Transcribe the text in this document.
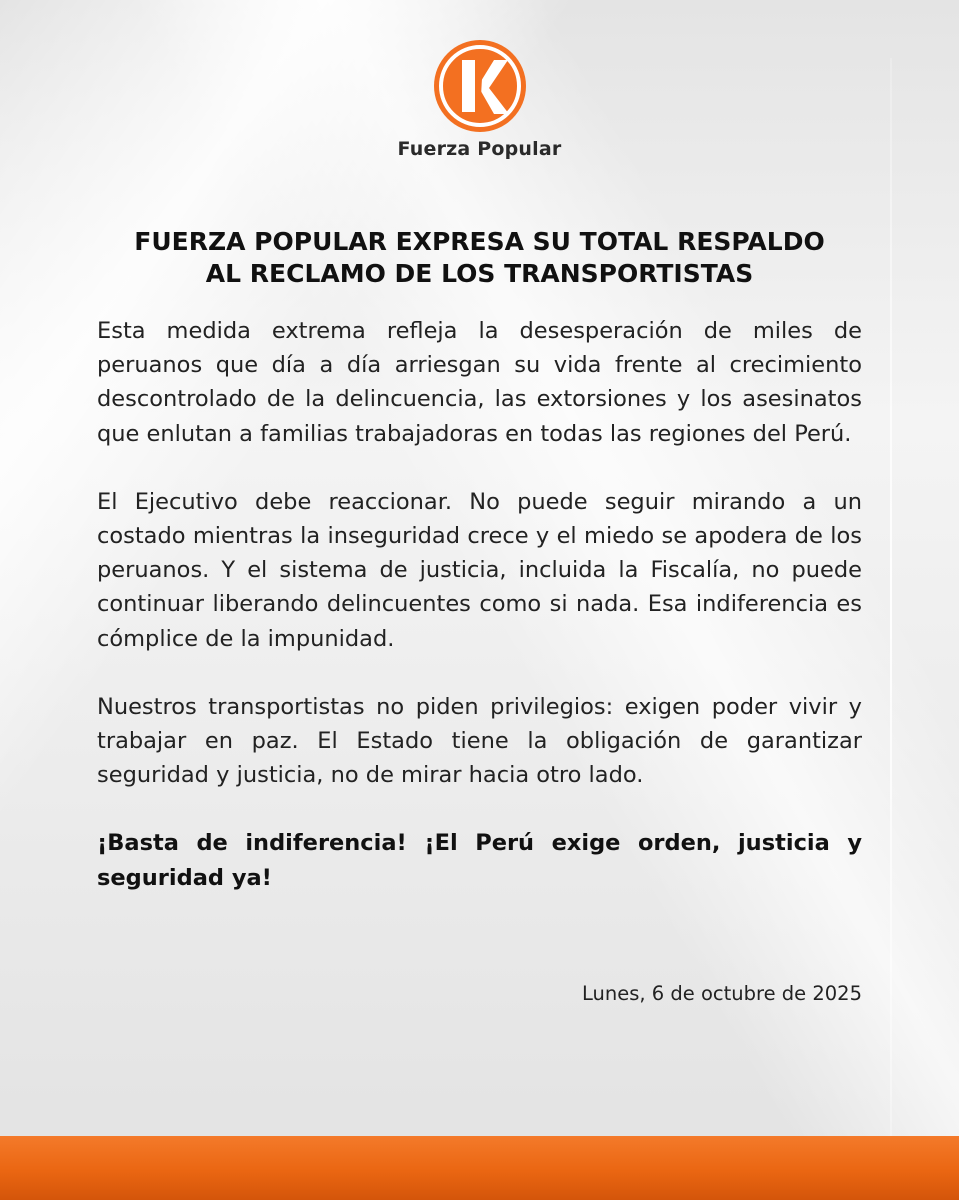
Fuerza Popular
FUERZA POPULAR EXPRESA SU TOTAL RESPALDO
AL RECLAMO DE LOS TRANSPORTISTAS

Esta medida extrema refleja la desesperación de miles de peruanos que día a día arriesgan su vida frente al crecimiento descontrolado de la delincuencia, las extorsiones y los asesinatos que enlutan a familias trabajadoras en todas las regiones del Perú.

El Ejecutivo debe reaccionar. No puede seguir mirando a un costado mientras la inseguridad crece y el miedo se apodera de los peruanos. Y el sistema de justicia, incluida la Fiscalía, no puede continuar liberando delincuentes como si nada. Esa indiferencia es cómplice de la impunidad.

Nuestros transportistas no piden privilegios: exigen poder vivir y trabajar en paz. El Estado tiene la obligación de garantizar seguridad y justicia, no de mirar hacia otro lado.

¡Basta de indiferencia! ¡El Perú exige orden, justicia y seguridad ya!

Lunes, 6 de octubre de 2025
